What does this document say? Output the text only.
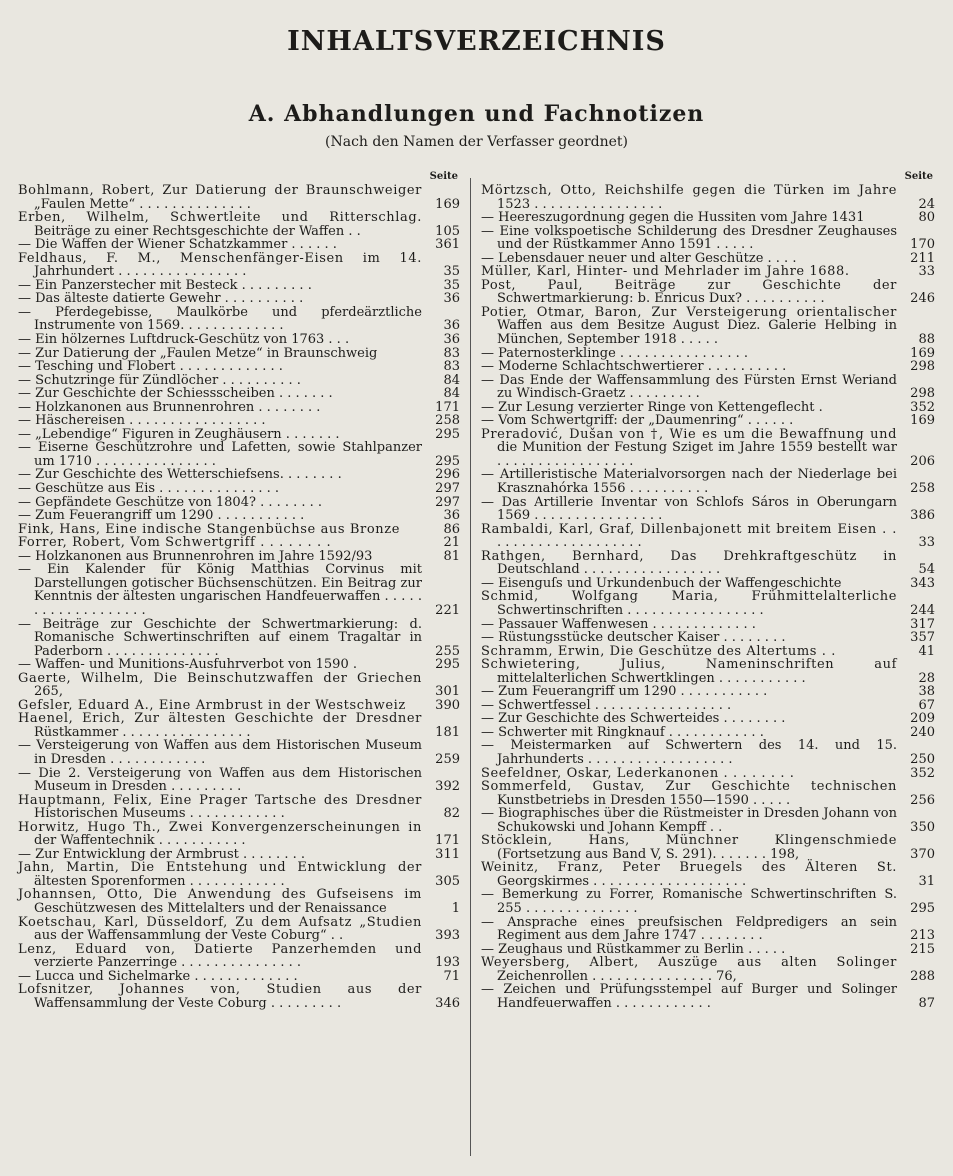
INHALTSVERZEICHNIS
A. Abhandlungen und Fachnotizen
(Nach den Namen der Verfasser geordnet)
Seite
Bohlmann, Robert, Zur Datierung der Braunschweiger „Faulen Mette“ . . . . . . . . . . . . . .	169
Erben, Wilhelm, Schwertleite und Ritterschlag. Beiträge zu einer Rechtsgeschichte der Waffen . .	105
— Die Waffen der Wiener Schatzkammer . . . . . .	361
Feldhaus, F. M., Menschenfänger-Eisen im 14. Jahrhundert . . . . . . . . . . . . . . . .	35
— Ein Panzerstecher mit Besteck . . . . . . . . .	35
— Das älteste datierte Gewehr . . . . . . . . . .	36
— Pferdegebisse, Maulkörbe und pferdeärztliche Instrumente von 1569. . . . . . . . . . . . .	36
— Ein hölzernes Luftdruck-Geschütz von 1763 . . .	36
— Zur Datierung der „Faulen Metze“ in Braunschweig	83
— Tesching und Flobert . . . . . . . . . . . . .	83
— Schutzringe für Zündlöcher . . . . . . . . . .	84
— Zur Geschichte der Schiessscheiben . . . . . . .	84
— Holzkanonen aus Brunnenrohren . . . . . . . .	171
— Häschereisen . . . . . . . . . . . . . . . . .	258
— „Lebendige“ Figuren in Zeughäusern . . . . . . .	295
— Eiserne Geschützrohre und Lafetten, sowie Stahlpanzer um 1710 . . . . . . . . . . . . . . .	295
— Zur Geschichte des Wetterschiefsens. . . . . . . .	296
— Geschütze aus Eis . . . . . . . . . . . . . . .	297
— Gepfändete Geschütze von 1804? . . . . . . . .	297
— Zum Feuerangriff um 1290 . . . . . . . . . . .	36
Fink, Hans, Eine indische Stangenbüchse aus Bronze	86
Forrer, Robert, Vom Schwertgriff . . . . . . . .	21
— Holzkanonen aus Brunnenrohren im Jahre 1592/93	81
— Ein Kalender für König Matthias Corvinus mit Darstellungen gotischer Büchsenschützen. Ein Beitrag zur Kenntnis der ältesten ungarischen Handfeuerwaffen . . . . . . . . . . . . . . . . . . .	221
— Beiträge zur Geschichte der Schwertmarkierung: d. Romanische Schwertinschriften auf einem Tragaltar in Paderborn . . . . . . . . . . . . . .	255
— Waffen- und Munitions-Ausfuhrverbot von 1590 .	295
Gaerte, Wilhelm, Die Beinschutzwaffen der Griechen 265,	301
Gefsler, Eduard A., Eine Armbrust in der Westschweiz	390
Haenel, Erich, Zur ältesten Geschichte der Dresdner Rüstkammer . . . . . . . . . . . . . . . .	181
— Versteigerung von Waffen aus dem Historischen Museum in Dresden . . . . . . . . . . . .	259
— Die 2. Versteigerung von Waffen aus dem Historischen Museum in Dresden . . . . . . . . .	392
Hauptmann, Felix, Eine Prager Tartsche des Dresdner Historischen Museums . . . . . . . . . . . .	82
Horwitz, Hugo Th., Zwei Konvergenzerscheinungen in der Waffentechnik . . . . . . . . . . .	171
— Zur Entwicklung der Armbrust . . . . . . . .	311
Jahn, Martin, Die Entstehung und Entwicklung der ältesten Sporenformen . . . . . . . . . . . .	305
Johannsen, Otto, Die Anwendung des Gufseisens im Geschützwesen des Mittelalters und der Renaissance	1
Koetschau, Karl, Düsseldorf, Zu dem Aufsatz „Studien aus der Waffensammlung der Veste Coburg“ . .	393
Lenz, Eduard von, Datierte Panzerhemden und verzierte Panzerringe . . . . . . . . . . . . . . .	193
— Lucca und Sichelmarke . . . . . . . . . . . . .	71
Lofsnitzer, Johannes von, Studien aus der Waffensammlung der Veste Coburg . . . . . . . . .	346
Seite
Mörtzsch, Otto, Reichshilfe gegen die Türken im Jahre 1523 . . . . . . . . . . . . . . . .	24
— Heereszugordnung gegen die Hussiten vom Jahre 1431	80
— Eine volkspoetische Schilderung des Dresdner Zeughauses und der Rüstkammer Anno 1591 . . . . .	170
— Lebensdauer neuer und alter Geschütze . . . .	211
Müller, Karl, Hinter- und Mehrlader im Jahre 1688.	33
Post, Paul, Beiträge zur Geschichte der Schwertmarkierung: b. Enricus Dux? . . . . . . . . . .	246
Potier, Otmar, Baron, Zur Versteigerung orientalischer Waffen aus dem Besitze August Diez. Galerie Helbing in München, September 1918 . . . . .	88
— Paternosterklinge . . . . . . . . . . . . . . . .	169
— Moderne Schlachtschwertierer . . . . . . . . . .	298
— Das Ende der Waffensammlung des Fürsten Ernst Weriand zu Windisch-Graetz . . . . . . . . .	298
— Zur Lesung verzierter Ringe von Kettengeflecht .	352
— Vom Schwertgriff: der „Daumenring“ . . . . . .	169
Preradović, Dušan von †, Wie es um die Bewaffnung und die Munition der Festung Sziget im Jahre 1559 bestellt war . . . . . . . . . . . . . . . . .	206
— Artilleristische Materialvorsorgen nach der Niederlage bei Krasznahórka 1556 . . . . . . . . . .	258
— Das Artillerie Inventar von Schlofs Sáros in Oberungarn 1569 . . . . . . . . . . . . . . . .	386
Rambaldi, Karl, Graf, Dillenbajonett mit breitem Eisen . . . . . . . . . . . . . . . . . . . .	33
Rathgen, Bernhard, Das Drehkraftgeschütz in Deutschland . . . . . . . . . . . . . . . . .	54
— Eisenguſs und Urkundenbuch der Waffengeschichte	343
Schmid, Wolfgang Maria, Frühmittelalterliche Schwertinschriften . . . . . . . . . . . . . . . . .	244
— Passauer Waffenwesen . . . . . . . . . . . . .	317
— Rüstungsstücke deutscher Kaiser . . . . . . . .	357
Schramm, Erwin, Die Geschütze des Altertums . .	41
Schwietering, Julius, Nameninschriften auf mittelalterlichen Schwertklingen . . . . . . . . . . .	28
— Zum Feuerangriff um 1290 . . . . . . . . . . .	38
— Schwertfessel . . . . . . . . . . . . . . . . .	67
— Zur Geschichte des Schwerteides . . . . . . . .	209
— Schwerter mit Ringknauf . . . . . . . . . . . .	240
— Meistermarken auf Schwertern des 14. und 15. Jahrhunderts . . . . . . . . . . . . . . . . . .	250
Seefeldner, Oskar, Lederkanonen . . . . . . . .	352
Sommerfeld, Gustav, Zur Geschichte technischen Kunstbetriebs in Dresden 1550—1590 . . . . .	256
— Biographisches über die Rüstmeister in Dresden Johann von Schukowski und Johann Kempff . .	350
Stöcklein, Hans, Münchner Klingenschmiede (Fortsetzung aus Band V, S. 291). . . . . . . 198,	370
Weinitz, Franz, Peter Bruegels des Älteren St. Georgskirmes . . . . . . . . . . . . . . . . . . .	31
— Bemerkung zu Forrer, Romanische Schwertinschriften S. 255 . . . . . . . . . . . . . .	295
— Ansprache eines preufsischen Feldpredigers an sein Regiment aus dem Jahre 1747 . . . . . . . .	213
— Zeughaus und Rüstkammer zu Berlin . . . . .	215
Weyersberg, Albert, Auszüge aus alten Solinger Zeichenrollen . . . . . . . . . . . . . . . 76,	288
— Zeichen und Prüfungsstempel auf Burger und Solinger Handfeuerwaffen . . . . . . . . . . . .	87
